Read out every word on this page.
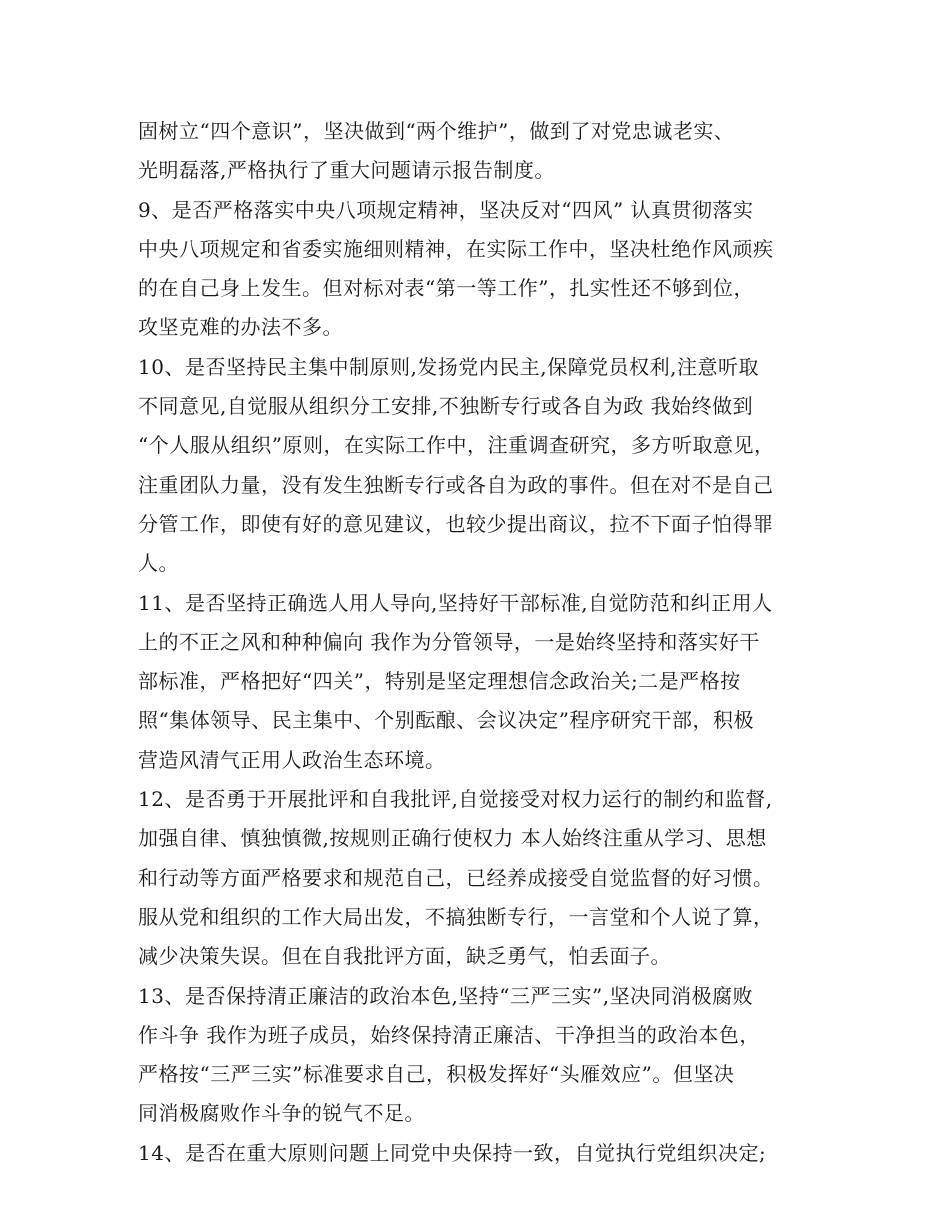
固树立“四个意识”，坚决做到“两个维护”，做到了对党忠诚老实、
光明磊落,严格执行了重大问题请示报告制度。
9、是否严格落实中央八项规定精神，坚决反对“四风” 认真贯彻落实
中央八项规定和省委实施细则精神，在实际工作中，坚决杜绝作风顽疾
的在自己身上发生。但对标对表“第一等工作”，扎实性还不够到位，
攻坚克难的办法不多。
10、是否坚持民主集中制原则,发扬党内民主,保障党员权利,注意听取
不同意见,自觉服从组织分工安排,不独断专行或各自为政 我始终做到
“个人服从组织”原则，在实际工作中，注重调查研究，多方听取意见，
注重团队力量，没有发生独断专行或各自为政的事件。但在对不是自己
分管工作，即使有好的意见建议，也较少提出商议，拉不下面子怕得罪
人。
11、是否坚持正确选人用人导向,坚持好干部标准,自觉防范和纠正用人
上的不正之风和种种偏向 我作为分管领导，一是始终坚持和落实好干
部标准，严格把好“四关”，特别是坚定理想信念政治关;二是严格按
照“集体领导、民主集中、个别酝酿、会议决定”程序研究干部，积极
营造风清气正用人政治生态环境。
12、是否勇于开展批评和自我批评,自觉接受对权力运行的制约和监督,
加强自律、慎独慎微,按规则正确行使权力 本人始终注重从学习、思想
和行动等方面严格要求和规范自己，已经养成接受自觉监督的好习惯。
服从党和组织的工作大局出发，不搞独断专行，一言堂和个人说了算，
减少决策失误。但在自我批评方面，缺乏勇气，怕丢面子。
13、是否保持清正廉洁的政治本色,坚持“三严三实”,坚决同消极腐败
作斗争 我作为班子成员，始终保持清正廉洁、干净担当的政治本色，
严格按“三严三实”标准要求自己，积极发挥好“头雁效应”。但坚决
同消极腐败作斗争的锐气不足。
14、是否在重大原则问题上同党中央保持一致，自觉执行党组织决定;
